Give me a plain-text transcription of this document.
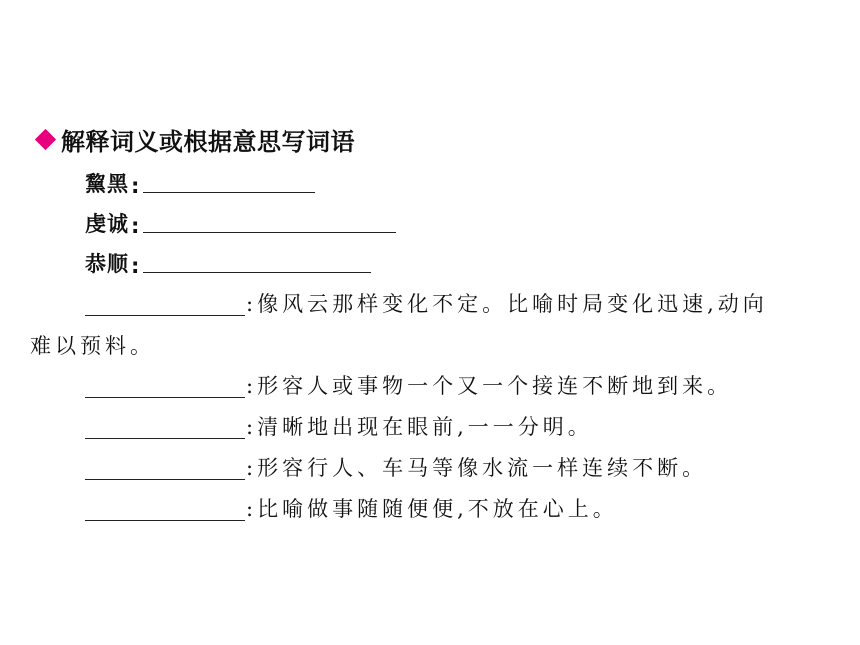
解释词义或根据意思写词语
黧黑 :
虔诚 :
恭顺 :
:像风云那样变化不定。比喻时局变化迅速,动向
难以预料。
:形容人或事物一个又一个接连不断地到来。
:清晰地出现在眼前,一一分明。
:形容行人、车马等像水流一样连续不断。
:比喻做事随随便便,不放在心上。
